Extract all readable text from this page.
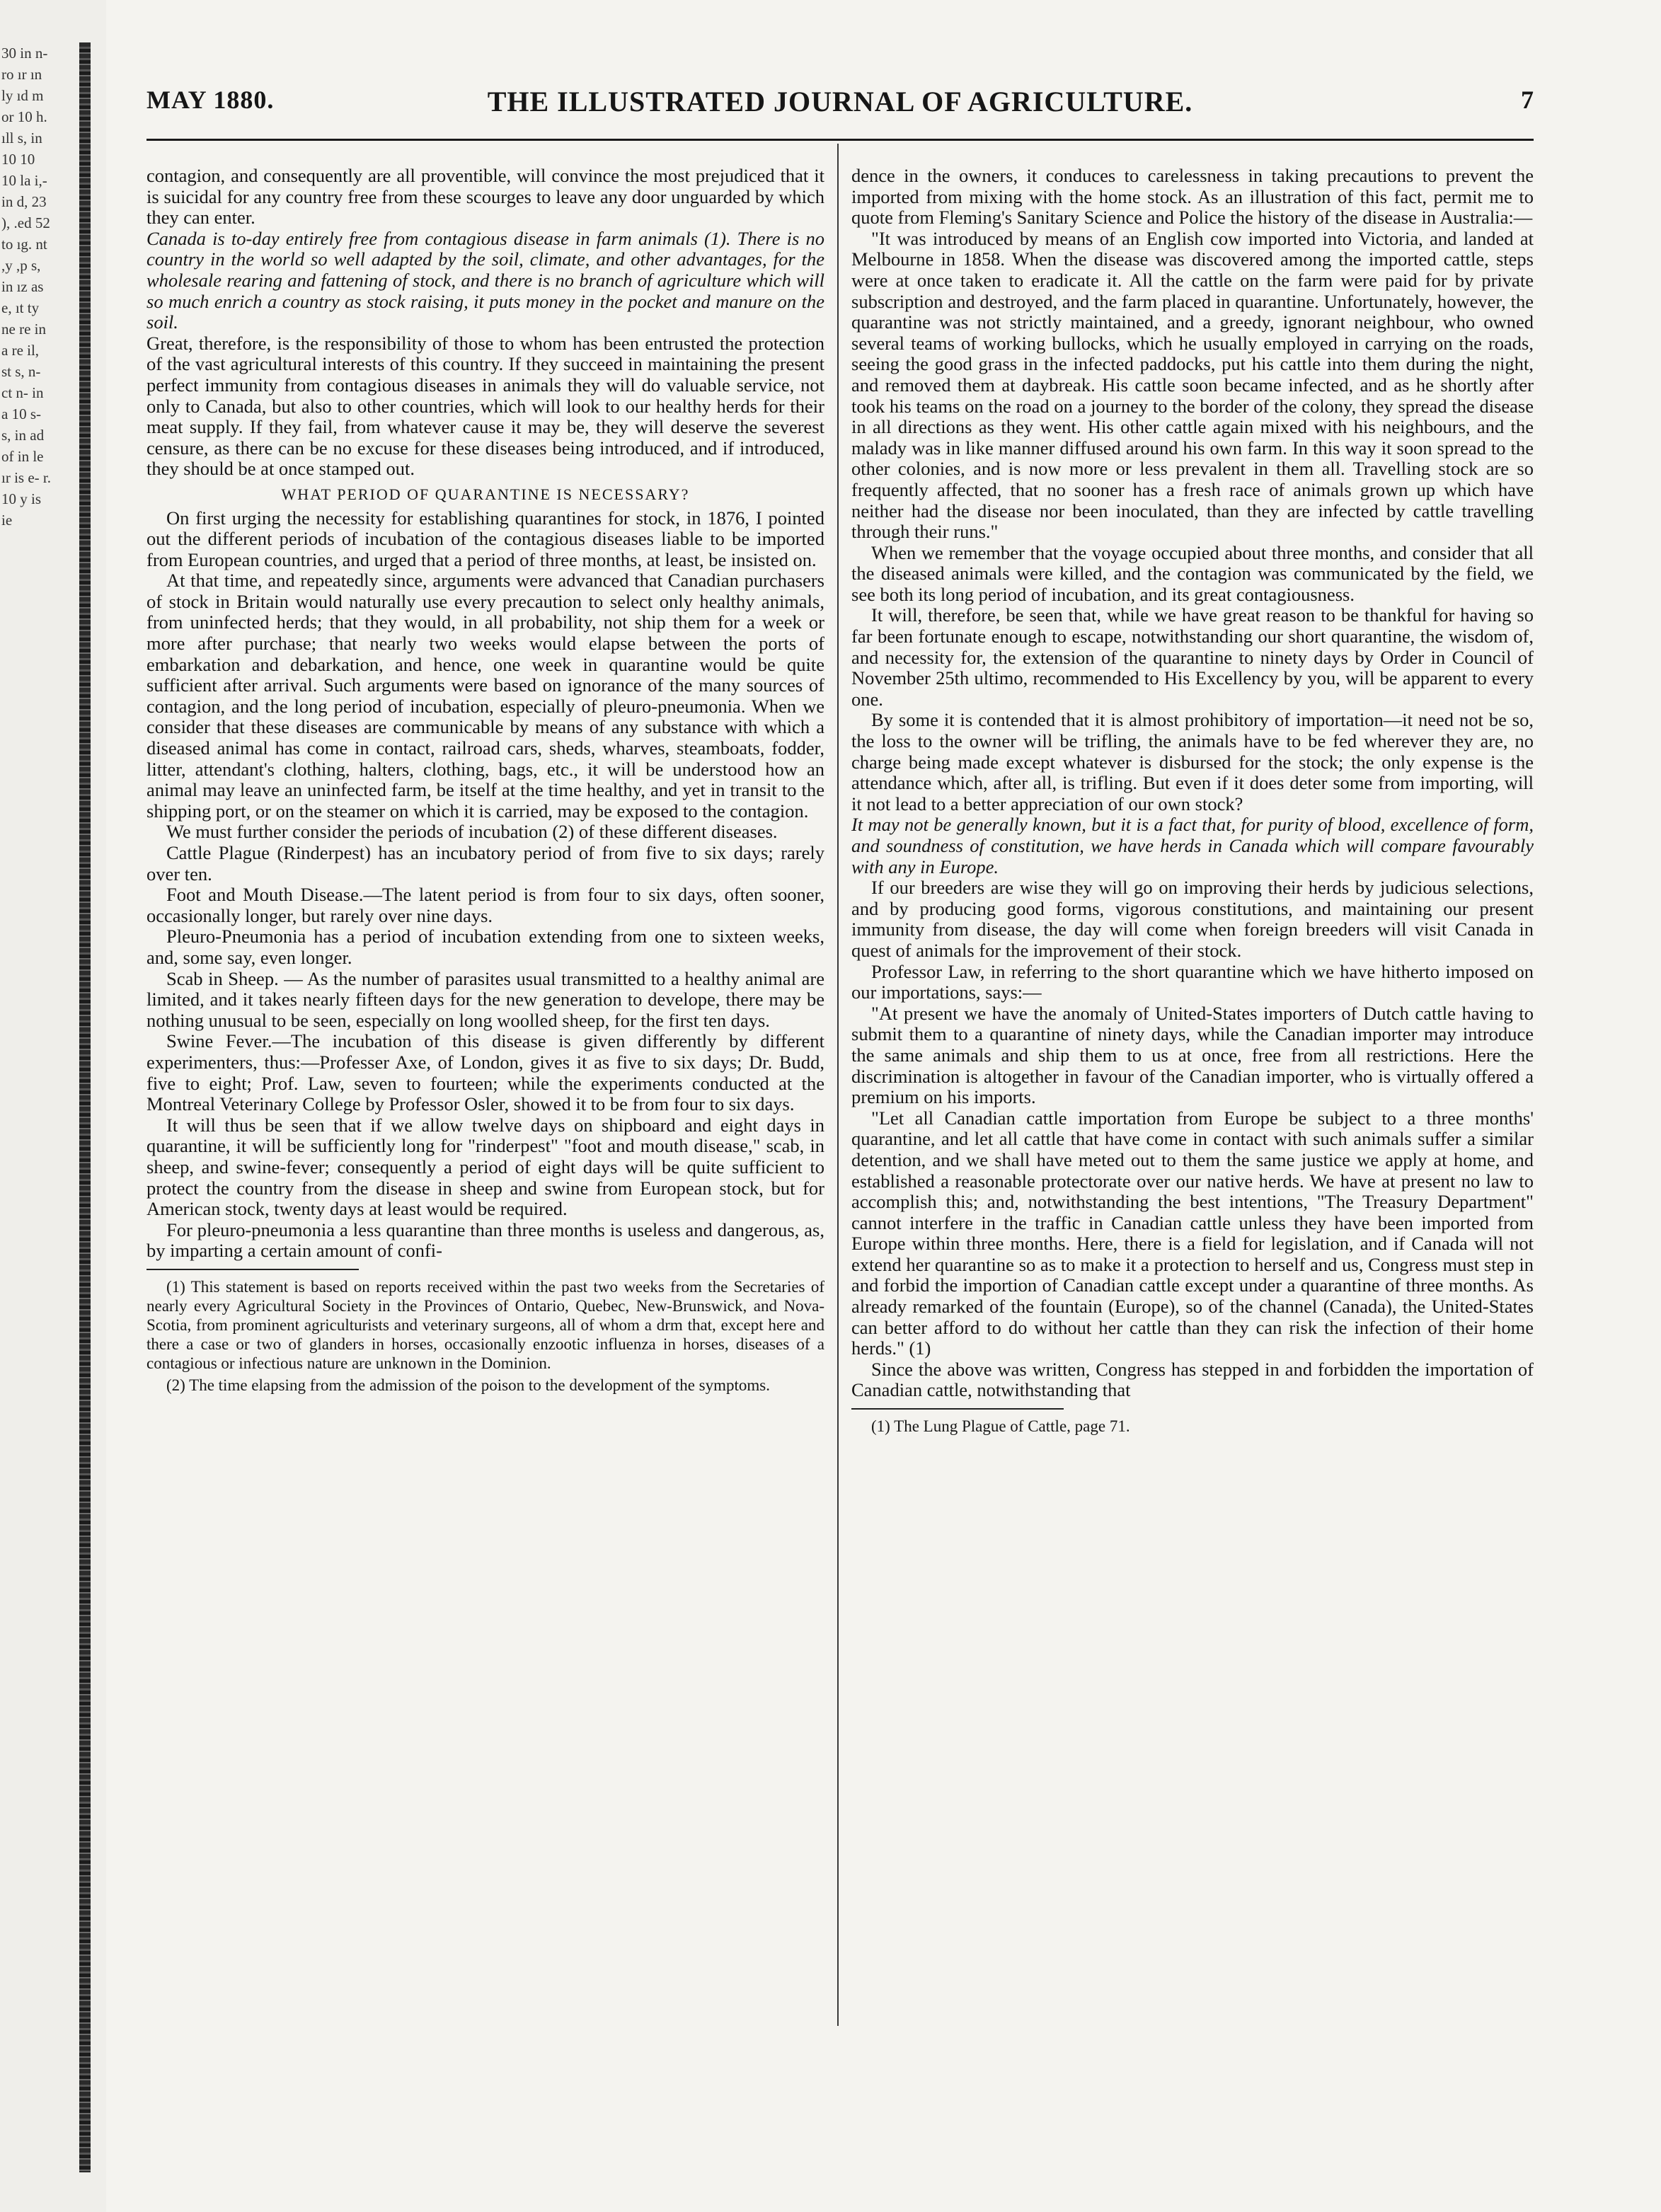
30 in n- ro ır ın ly ıd m or 10 h. ıll s, in 10 10 10 la i,- in d, 23 ), .ed 52 to ıg. nt ,y ,p s, in ız as e, ıt ty ne re in a re il, st s, n- ct n- in a 10 s- s, in ad of in le ır is e- r. 10 y is ie
MAY 1880.	THE ILLUSTRATED JOURNAL OF AGRICULTURE.	7

contagion, and consequently are all proventible, will convince the most prejudiced that it is suicidal for any country free from these scourges to leave any door unguarded by which they can enter.

Canada is to-day entirely free from contagious disease in farm animals (1). There is no country in the world so well adapted by the soil, climate, and other advantages, for the wholesale rearing and fattening of stock, and there is no branch of agriculture which will so much enrich a country as stock raising, it puts money in the pocket and manure on the soil.

Great, therefore, is the responsibility of those to whom has been entrusted the protection of the vast agricultural interests of this country. If they succeed in maintaining the present perfect immunity from contagious diseases in animals they will do valuable service, not only to Canada, but also to other countries, which will look to our healthy herds for their meat supply. If they fail, from whatever cause it may be, they will deserve the severest censure, as there can be no excuse for these diseases being introduced, and if introduced, they should be at once stamped out.

WHAT PERIOD OF QUARANTINE IS NECESSARY?

On first urging the necessity for establishing quarantines for stock, in 1876, I pointed out the different periods of incubation of the contagious diseases liable to be imported from European countries, and urged that a period of three months, at least, be insisted on.

At that time, and repeatedly since, arguments were advanced that Canadian purchasers of stock in Britain would naturally use every precaution to select only healthy animals, from uninfected herds; that they would, in all probability, not ship them for a week or more after purchase; that nearly two weeks would elapse between the ports of embarkation and debarkation, and hence, one week in quarantine would be quite sufficient after arrival. Such arguments were based on ignorance of the many sources of contagion, and the long period of incubation, especially of pleuro-pneumonia. When we consider that these diseases are communicable by means of any substance with which a diseased animal has come in contact, railroad cars, sheds, wharves, steamboats, fodder, litter, attendant's clothing, halters, clothing, bags, etc., it will be understood how an animal may leave an uninfected farm, be itself at the time healthy, and yet in transit to the shipping port, or on the steamer on which it is carried, may be exposed to the contagion.

We must further consider the periods of incubation (2) of these different diseases.

Cattle Plague (Rinderpest) has an incubatory period of from five to six days; rarely over ten.

Foot and Mouth Disease.—The latent period is from four to six days, often sooner, occasionally longer, but rarely over nine days.

Pleuro-Pneumonia has a period of incubation extending from one to sixteen weeks, and, some say, even longer.

Scab in Sheep. — As the number of parasites usual transmitted to a healthy animal are limited, and it takes nearly fifteen days for the new generation to develope, there may be nothing unusual to be seen, especially on long woolled sheep, for the first ten days.

Swine Fever.—The incubation of this disease is given differently by different experimenters, thus:—Professer Axe, of London, gives it as five to six days; Dr. Budd, five to eight; Prof. Law, seven to fourteen; while the experiments conducted at the Montreal Veterinary College by Professor Osler, showed it to be from four to six days.

It will thus be seen that if we allow twelve days on shipboard and eight days in quarantine, it will be sufficiently long for "rinderpest" "foot and mouth disease," scab, in sheep, and swine-fever; consequently a period of eight days will be quite sufficient to protect the country from the disease in sheep and swine from European stock, but for American stock, twenty days at least would be required.

For pleuro-pneumonia a less quarantine than three months is useless and dangerous, as, by imparting a certain amount of confi-

(1) This statement is based on reports received within the past two weeks from the Secretaries of nearly every Agricultural Society in the Provinces of Ontario, Quebec, New-Brunswick, and Nova-Scotia, from prominent agriculturists and veterinary surgeons, all of whom a drm that, except here and there a case or two of glanders in horses, occasionally enzootic influenza in horses, diseases of a contagious or infectious nature are unknown in the Dominion.

(2) The time elapsing from the admission of the poison to the development of the symptoms.

dence in the owners, it conduces to carelessness in taking precautions to prevent the imported from mixing with the home stock. As an illustration of this fact, permit me to quote from Fleming's Sanitary Science and Police the history of the disease in Australia:—

"It was introduced by means of an English cow imported into Victoria, and landed at Melbourne in 1858. When the disease was discovered among the imported cattle, steps were at once taken to eradicate it. All the cattle on the farm were paid for by private subscription and destroyed, and the farm placed in quarantine. Unfortunately, however, the quarantine was not strictly maintained, and a greedy, ignorant neighbour, who owned several teams of working bullocks, which he usually employed in carrying on the roads, seeing the good grass in the infected paddocks, put his cattle into them during the night, and removed them at daybreak. His cattle soon became infected, and as he shortly after took his teams on the road on a journey to the border of the colony, they spread the disease in all directions as they went. His other cattle again mixed with his neighbours, and the malady was in like manner diffused around his own farm. In this way it soon spread to the other colonies, and is now more or less prevalent in them all. Travelling stock are so frequently affected, that no sooner has a fresh race of animals grown up which have neither had the disease nor been inoculated, than they are infected by cattle travelling through their runs."

When we remember that the voyage occupied about three months, and consider that all the diseased animals were killed, and the contagion was communicated by the field, we see both its long period of incubation, and its great contagiousness.

It will, therefore, be seen that, while we have great reason to be thankful for having so far been fortunate enough to escape, notwithstanding our short quarantine, the wisdom of, and necessity for, the extension of the quarantine to ninety days by Order in Council of November 25th ultimo, recommended to His Excellency by you, will be apparent to every one.

By some it is contended that it is almost prohibitory of importation—it need not be so, the loss to the owner will be trifling, the animals have to be fed wherever they are, no charge being made except whatever is disbursed for the stock; the only expense is the attendance which, after all, is trifling. But even if it does deter some from importing, will it not lead to a better appreciation of our own stock?

It may not be generally known, but it is a fact that, for purity of blood, excellence of form, and soundness of constitution, we have herds in Canada which will compare favourably with any in Europe.

If our breeders are wise they will go on improving their herds by judicious selections, and by producing good forms, vigorous constitutions, and maintaining our present immunity from disease, the day will come when foreign breeders will visit Canada in quest of animals for the improvement of their stock.

Professor Law, in referring to the short quarantine which we have hitherto imposed on our importations, says:—

"At present we have the anomaly of United-States importers of Dutch cattle having to submit them to a quarantine of ninety days, while the Canadian importer may introduce the same animals and ship them to us at once, free from all restrictions. Here the discrimination is altogether in favour of the Canadian importer, who is virtually offered a premium on his imports.

"Let all Canadian cattle importation from Europe be subject to a three months' quarantine, and let all cattle that have come in contact with such animals suffer a similar detention, and we shall have meted out to them the same justice we apply at home, and established a reasonable protectorate over our native herds. We have at present no law to accomplish this; and, notwithstanding the best intentions, "The Treasury Department" cannot interfere in the traffic in Canadian cattle unless they have been imported from Europe within three months. Here, there is a field for legislation, and if Canada will not extend her quarantine so as to make it a protection to herself and us, Congress must step in and forbid the importion of Canadian cattle except under a quarantine of three months. As already remarked of the fountain (Europe), so of the channel (Canada), the United-States can better afford to do without her cattle than they can risk the infection of their home herds." (1)

Since the above was written, Congress has stepped in and forbidden the importation of Canadian cattle, notwithstanding that

(1) The Lung Plague of Cattle, page 71.
